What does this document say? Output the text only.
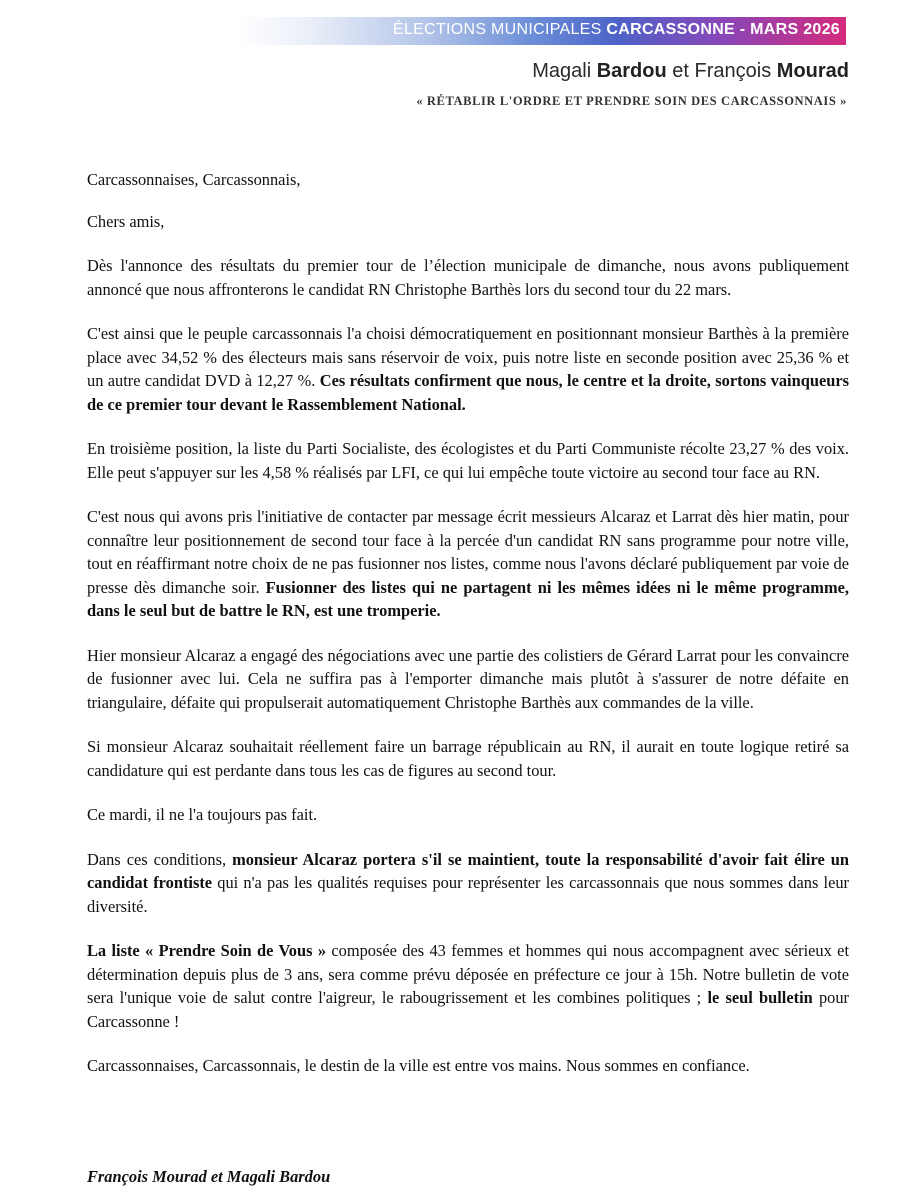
ÉLECTIONS MUNICIPALES CARCASSONNE - MARS 2026
Magali Bardou et François Mourad
« RÉTABLIR L'ORDRE ET PRENDRE SOIN DES CARCASSONNAIS »

Carcassonnaises, Carcassonnais,

Chers amis,

Dès l'annonce des résultats du premier tour de l’élection municipale de dimanche, nous avons publiquement annoncé que nous affronterons le candidat RN Christophe Barthès lors du second tour du 22 mars.

C'est ainsi que le peuple carcassonnais l'a choisi démocratiquement en positionnant monsieur Barthès à la première place avec 34,52 % des électeurs mais sans réservoir de voix, puis notre liste en seconde position avec 25,36 % et un autre candidat DVD à 12,27 %. Ces résultats confirment que nous, le centre et la droite, sortons vainqueurs de ce premier tour devant le Rassemblement National.

En troisième position, la liste du Parti Socialiste, des écologistes et du Parti Communiste récolte 23,27 % des voix. Elle peut s'appuyer sur les 4,58 % réalisés par LFI, ce qui lui empêche toute victoire au second tour face au RN.

C'est nous qui avons pris l'initiative de contacter par message écrit messieurs Alcaraz et Larrat dès hier matin, pour connaître leur positionnement de second tour face à la percée d'un candidat RN sans programme pour notre ville, tout en réaffirmant notre choix de ne pas fusionner nos listes, comme nous l'avons déclaré publiquement par voie de presse dès dimanche soir. Fusionner des listes qui ne partagent ni les mêmes idées ni le même programme, dans le seul but de battre le RN, est une tromperie.

Hier monsieur Alcaraz a engagé des négociations avec une partie des colistiers de Gérard Larrat pour les convaincre de fusionner avec lui. Cela ne suffira pas à l'emporter dimanche mais plutôt à s'assurer de notre défaite en triangulaire, défaite qui propulserait automatiquement Christophe Barthès aux commandes de la ville.

Si monsieur Alcaraz souhaitait réellement faire un barrage républicain au RN, il aurait en toute logique retiré sa candidature qui est perdante dans tous les cas de figures au second tour.

Ce mardi, il ne l'a toujours pas fait.

Dans ces conditions, monsieur Alcaraz portera s'il se maintient, toute la responsabilité d'avoir fait élire un candidat frontiste qui n'a pas les qualités requises pour représenter les carcassonnais que nous sommes dans leur diversité.

La liste « Prendre Soin de Vous » composée des 43 femmes et hommes qui nous accompagnent avec sérieux et détermination depuis plus de 3 ans, sera comme prévu déposée en préfecture ce jour à 15h. Notre bulletin de vote sera l'unique voie de salut contre l'aigreur, le rabougrissement et les combines politiques ; le seul bulletin pour Carcassonne !

Carcassonnaises, Carcassonnais, le destin de la ville est entre vos mains. Nous sommes en confiance.

François Mourad et Magali Bardou
